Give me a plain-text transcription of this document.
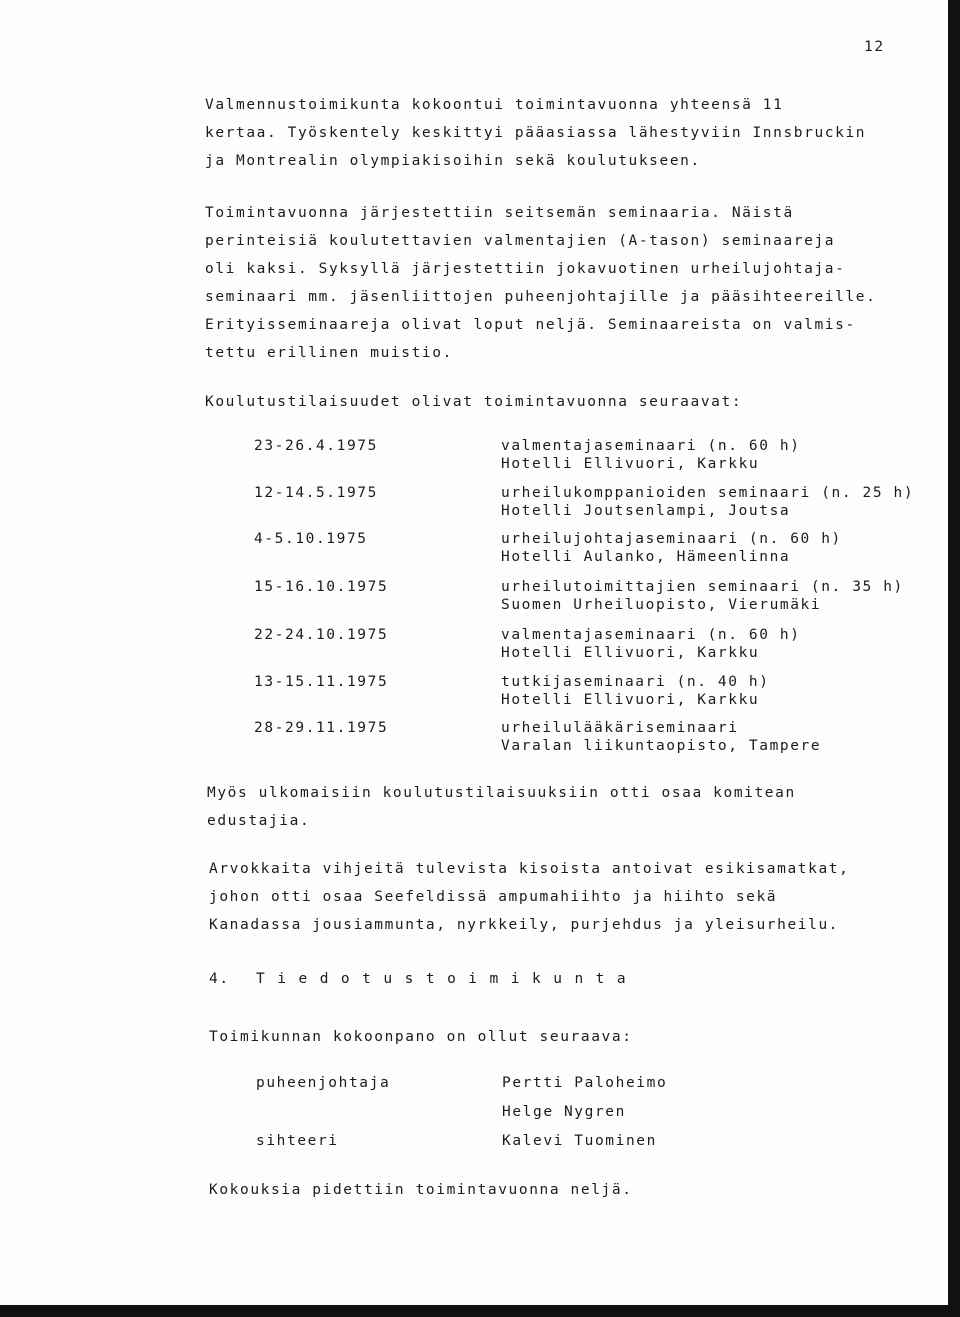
12
Valmennustoimikunta kokoontui toimintavuonna yhteensä 11
kertaa. Työskentely keskittyi pääasiassa lähestyviin Innsbruckin
ja Montrealin olympiakisoihin sekä koulutukseen.
Toimintavuonna järjestettiin seitsemän seminaaria. Näistä
perinteisiä koulutettavien valmentajien (A-tason) seminaareja
oli kaksi. Syksyllä järjestettiin jokavuotinen urheilujohtaja-
seminaari mm. jäsenliittojen puheenjohtajille ja pääsihteereille.
Erityisseminaareja olivat loput neljä. Seminaareista on valmis-
tettu erillinen muistio.
Koulutustilaisuudet olivat toimintavuonna seuraavat:
23-26.4.1975	valmentajaseminaari (n. 60 h)
Hotelli Ellivuori, Karkku
12-14.5.1975	urheilukomppanioiden seminaari (n. 25 h)
Hotelli Joutsenlampi, Joutsa
4-5.10.1975	urheilujohtajaseminaari (n. 60 h)
Hotelli Aulanko, Hämeenlinna
15-16.10.1975	urheilutoimittajien seminaari (n. 35 h)
Suomen Urheiluopisto, Vierumäki
22-24.10.1975	valmentajaseminaari (n. 60 h)
Hotelli Ellivuori, Karkku
13-15.11.1975	tutkijaseminaari (n. 40 h)
Hotelli Ellivuori, Karkku
28-29.11.1975	urheilulääkäriseminaari
Varalan liikuntaopisto, Tampere
Myös ulkomaisiin koulutustilaisuuksiin otti osaa komitean
edustajia.
Arvokkaita vihjeitä tulevista kisoista antoivat esikisamatkat,
johon otti osaa Seefeldissä ampumahiihto ja hiihto sekä
Kanadassa jousiammunta, nyrkkeily, purjehdus ja yleisurheilu.
4. Tiedotustoimikunta
Toimikunnan kokoonpano on ollut seuraava:
puheenjohtaja	Pertti Paloheimo
Helge Nygren
sihteeri	Kalevi Tuominen
Kokouksia pidettiin toimintavuonna neljä.
